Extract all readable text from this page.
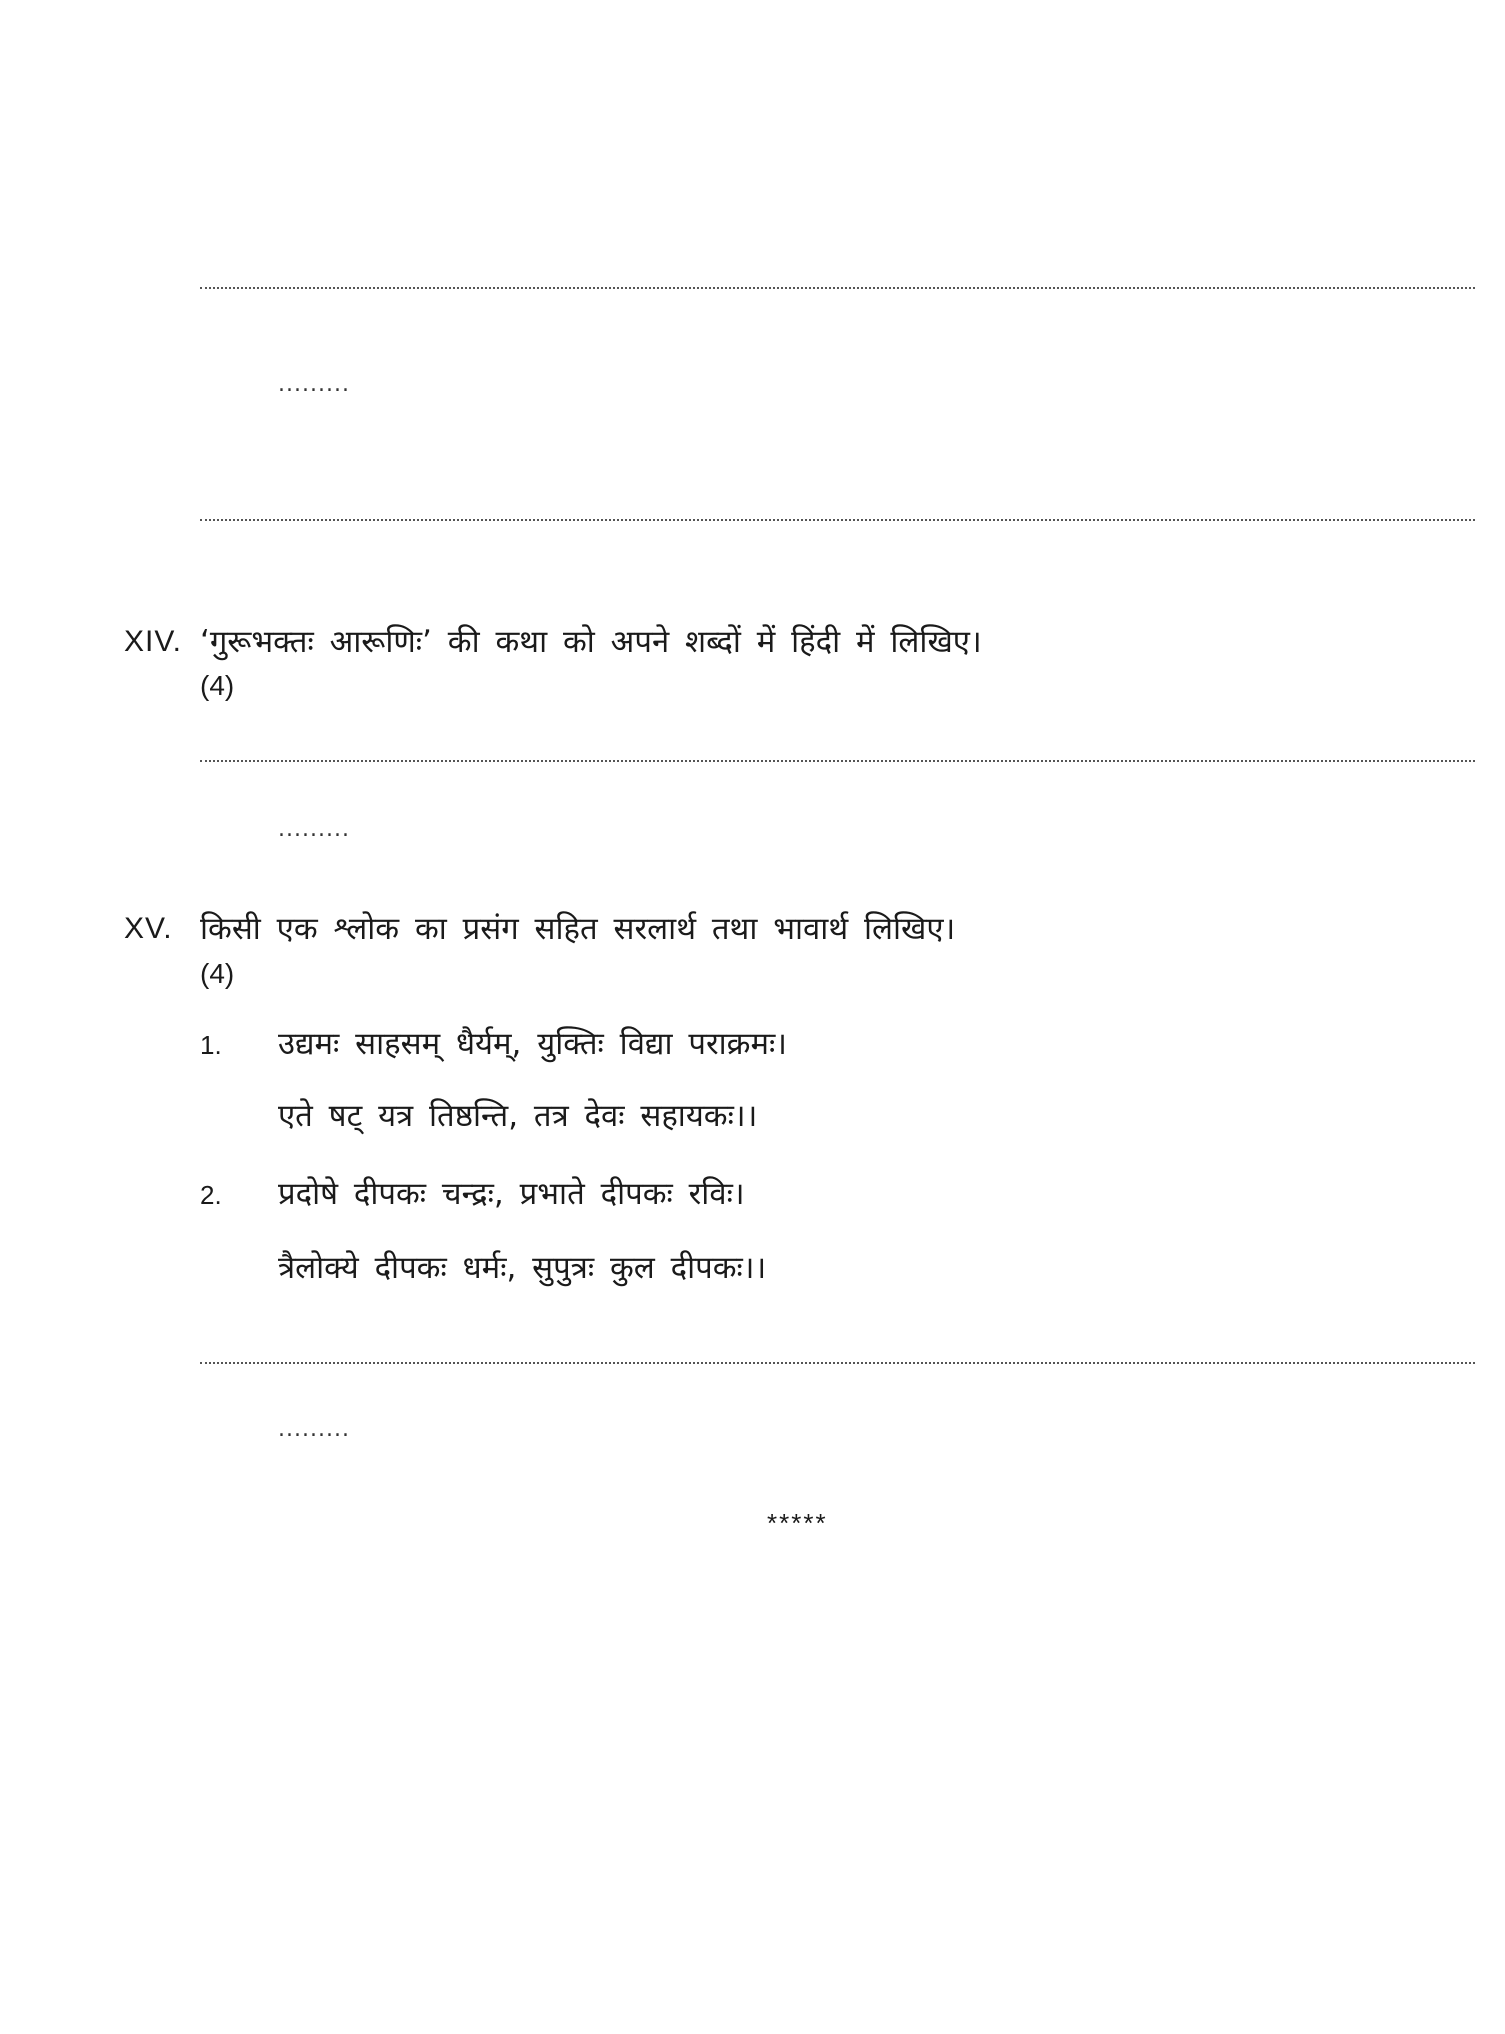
.........
XIV. ‘गुरूभक्तः आरूणिः’ की कथा को अपने शब्दों में हिंदी में लिखिए।
(4)
.........
XV. किसी एक श्लोक का प्रसंग सहित सरलार्थ तथा भावार्थ लिखिए।
(4)
1. उद्यमः साहसम् धैर्यम्, युक्तिः विद्या पराक्रमः।
एते षट् यत्र तिष्ठन्ति, तत्र देवः सहायकः।।
2. प्रदोषे दीपकः चन्द्रः, प्रभाते दीपकः रविः।
त्रैलोक्ये दीपकः धर्मः, सुपुत्रः कुल दीपकः।।
.........
*****
